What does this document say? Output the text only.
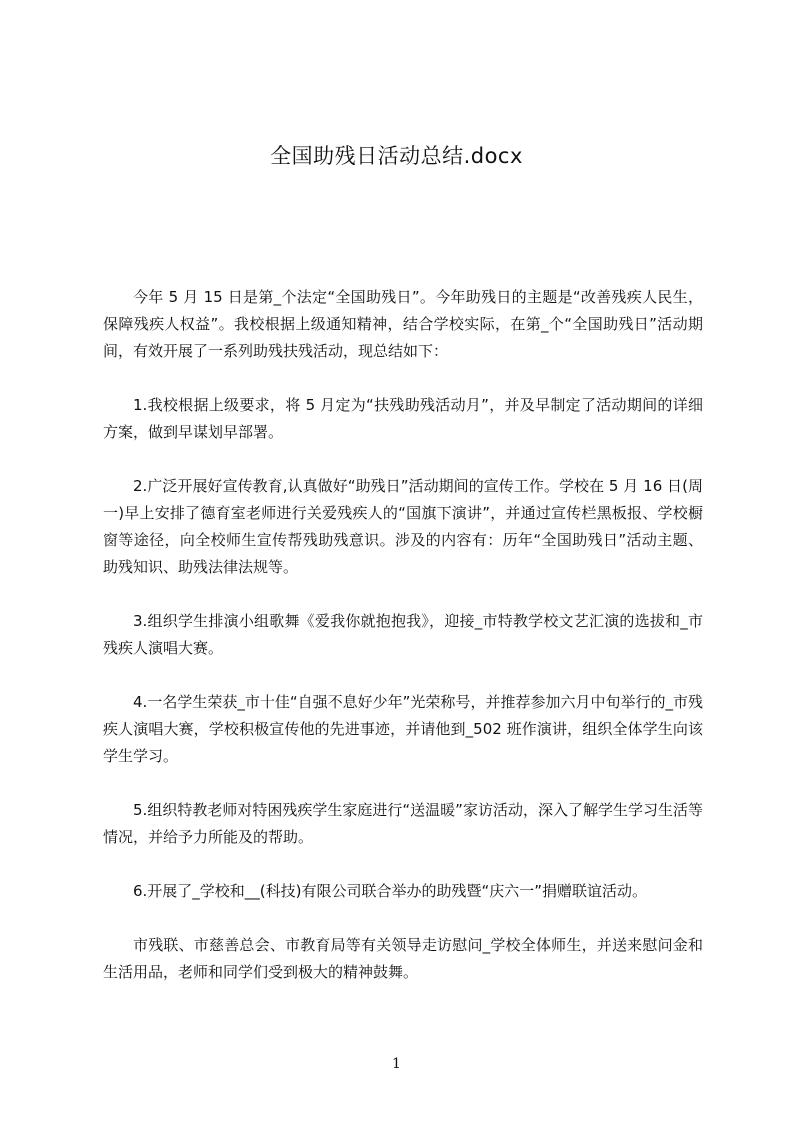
全国助残日活动总结.docx

今年 5 月 15 日是第_个法定“全国助残日”。今年助残日的主题是“改善残疾人民生，保障残疾人权益”。我校根据上级通知精神，结合学校实际，在第_个“全国助残日”活动期间，有效开展了一系列助残扶残活动，现总结如下：

1.我校根据上级要求，将 5 月定为“扶残助残活动月”，并及早制定了活动期间的详细方案，做到早谋划早部署。

2.广泛开展好宣传教育,认真做好“助残日”活动期间的宣传工作。学校在 5 月 16 日(周一)早上安排了德育室老师进行关爱残疾人的“国旗下演讲”，并通过宣传栏黑板报、学校橱窗等途径，向全校师生宣传帮残助残意识。涉及的内容有：历年“全国助残日”活动主题、助残知识、助残法律法规等。

3.组织学生排演小组歌舞《爱我你就抱抱我》，迎接_市特教学校文艺汇演的选拔和_市残疾人演唱大赛。

4.一名学生荣获_市十佳“自强不息好少年”光荣称号，并推荐参加六月中旬举行的_市残疾人演唱大赛，学校积极宣传他的先进事迹，并请他到_502 班作演讲，组织全体学生向该学生学习。

5.组织特教老师对特困残疾学生家庭进行“送温暖”家访活动，深入了解学生学习生活等情况，并给予力所能及的帮助。

6.开展了_学校和__(科技)有限公司联合举办的助残暨“庆六一”捐赠联谊活动。

市残联、市慈善总会、市教育局等有关领导走访慰问_学校全体师生，并送来慰问金和生活用品，老师和同学们受到极大的精神鼓舞。

1
